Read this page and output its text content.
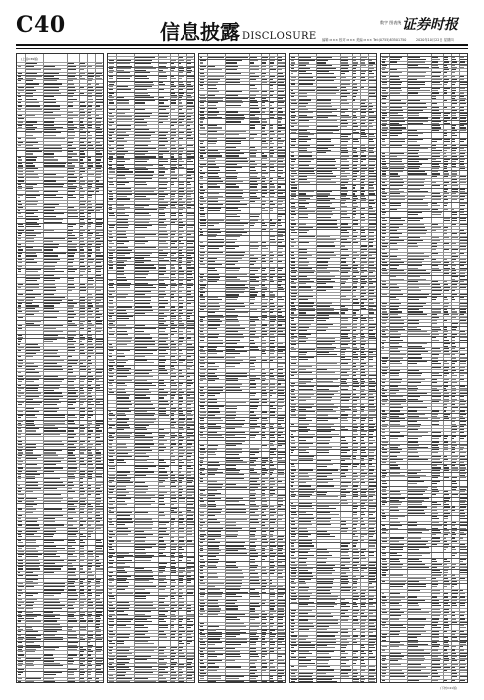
C40	信息披露 DISCLOSURE
数字 图表统 证券时报
编辑:××× 校对:××× 美编:××× Tel:(0755)83501750	2020年10月22日 星期四
(上接C39版)
(下转C41版)
